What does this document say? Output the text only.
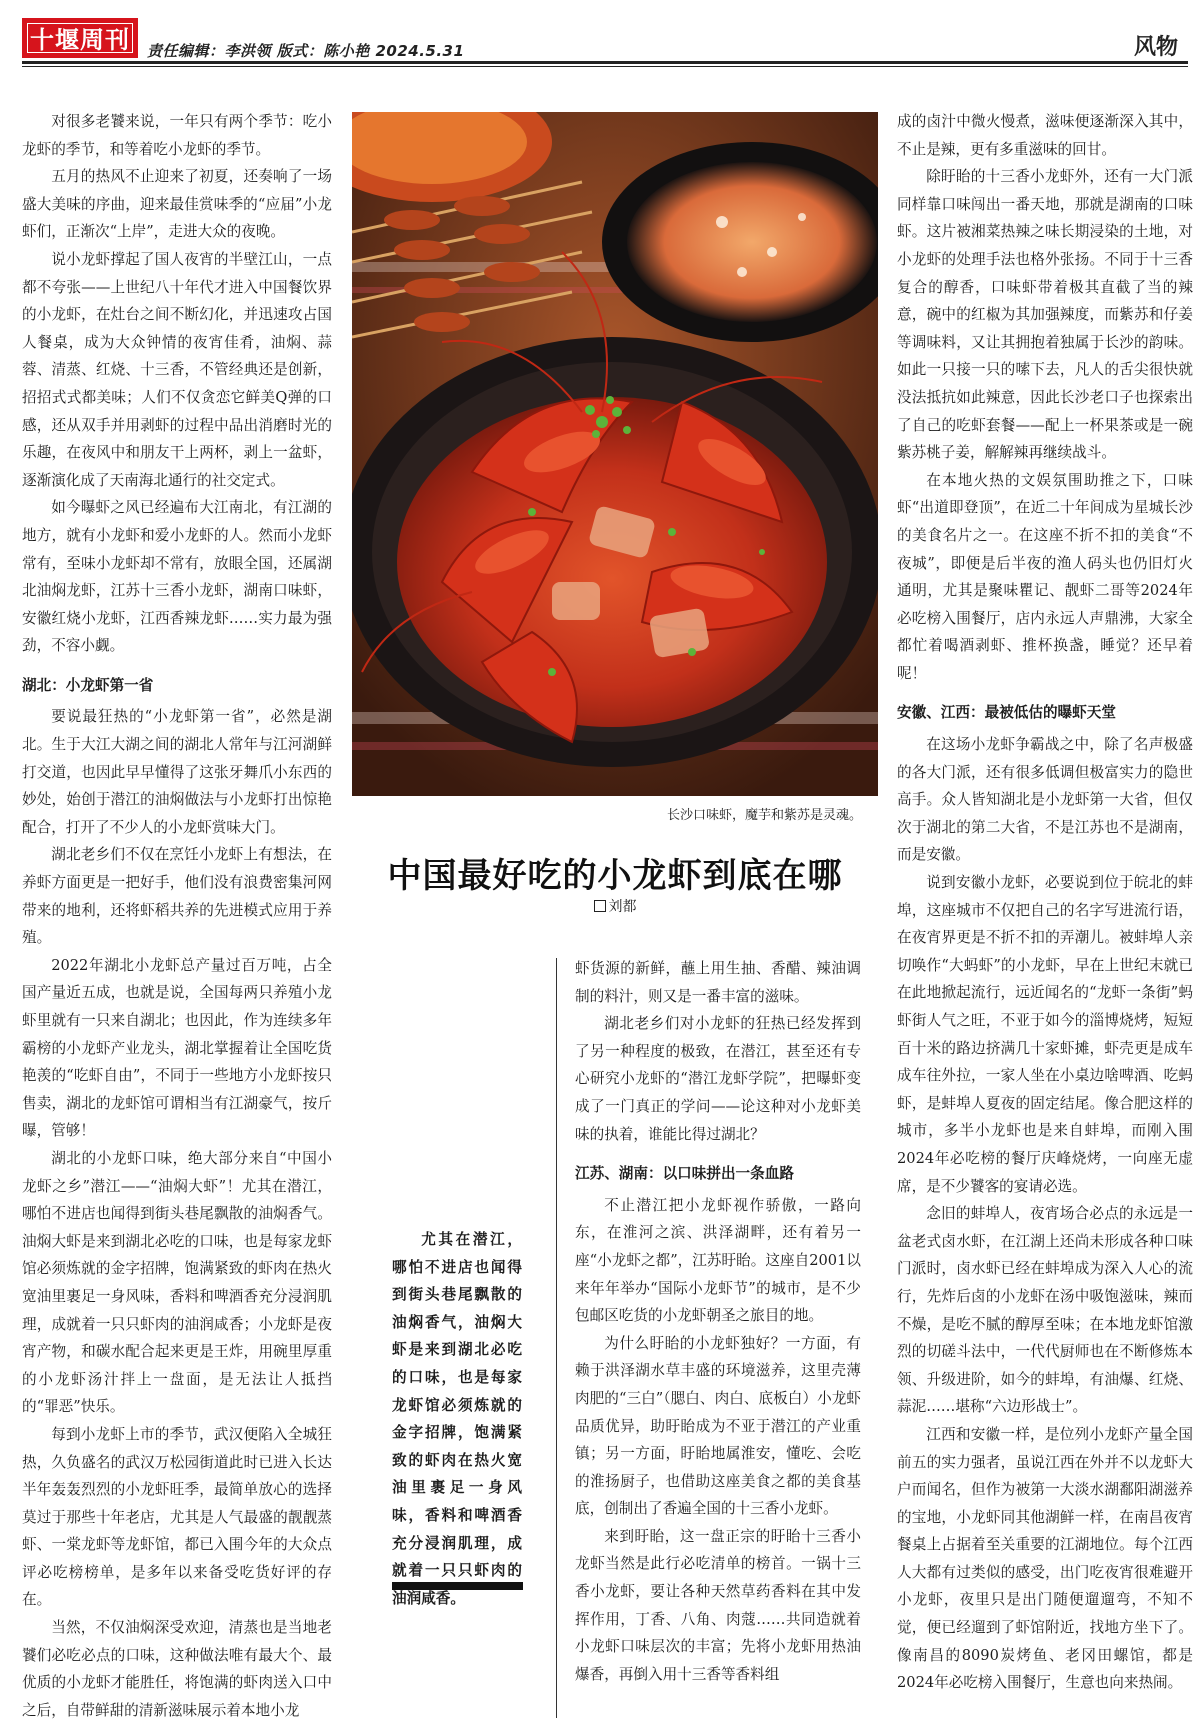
十堰周刊	责任编辑：李洪领 版式：陈小艳 2024.5.31	风物

对很多老饕来说，一年只有两个季节：吃小龙虾的季节，和等着吃小龙虾的季节。

五月的热风不止迎来了初夏，还奏响了一场盛大美味的序曲，迎来最佳赏味季的“应届”小龙虾们，正渐次“上岸”，走进大众的夜晚。

说小龙虾撑起了国人夜宵的半壁江山，一点都不夸张——上世纪八十年代才进入中国餐饮界的小龙虾，在灶台之间不断幻化，并迅速攻占国人餐桌，成为大众钟情的夜宵佳肴，油焖、蒜蓉、清蒸、红烧、十三香，不管经典还是创新，招招式式都美味；人们不仅贪恋它鲜美Q弹的口感，还从双手并用剥虾的过程中品出消磨时光的乐趣，在夜风中和朋友干上两杯，剥上一盆虾，逐渐演化成了天南海北通行的社交定式。

如今曝虾之风已经遍布大江南北，有江湖的地方，就有小龙虾和爱小龙虾的人。然而小龙虾常有，至味小龙虾却不常有，放眼全国，还属湖北油焖龙虾，江苏十三香小龙虾，湖南口味虾，安徽红烧小龙虾，江西香辣龙虾……实力最为强劲，不容小觑。

湖北：小龙虾第一省

要说最狂热的“小龙虾第一省”，必然是湖北。生于大江大湖之间的湖北人常年与江河湖鲜打交道，也因此早早懂得了这张牙舞爪小东西的妙处，始创于潜江的油焖做法与小龙虾打出惊艳配合，打开了不少人的小龙虾赏味大门。

湖北老乡们不仅在烹饪小龙虾上有想法，在养虾方面更是一把好手，他们没有浪费密集河网带来的地利，还将虾稻共养的先进模式应用于养殖。

2022年湖北小龙虾总产量过百万吨，占全国产量近五成，也就是说，全国每两只养殖小龙虾里就有一只来自湖北；也因此，作为连续多年霸榜的小龙虾产业龙头，湖北掌握着让全国吃货艳羡的“吃虾自由”，不同于一些地方小龙虾按只售卖，湖北的龙虾馆可谓相当有江湖豪气，按斤曝，管够！

湖北的小龙虾口味，绝大部分来自“中国小龙虾之乡”潜江——“油焖大虾”！尤其在潜江，哪怕不进店也闻得到街头巷尾飘散的油焖香气。油焖大虾是来到湖北必吃的口味，也是每家龙虾馆必须炼就的金字招牌，饱满紧致的虾肉在热火宽油里裹足一身风味，香料和啤酒香充分浸润肌理，成就着一只只虾肉的油润咸香；小龙虾是夜宵产物，和碳水配合起来更是王炸，用碗里厚重的小龙虾汤汁拌上一盘面，是无法让人抵挡的“罪恶”快乐。

每到小龙虾上市的季节，武汉便陷入全城狂热，久负盛名的武汉万松园街道此时已进入长达半年轰轰烈烈的小龙虾旺季，最简单放心的选择莫过于那些十年老店，尤其是人气最盛的靓靓蒸虾、一棠龙虾等龙虾馆，都已入围今年的大众点评必吃榜榜单，是多年以来备受吃货好评的存在。

当然，不仅油焖深受欢迎，清蒸也是当地老饕们必吃必点的口味，这种做法唯有最大个、最优质的小龙虾才能胜任，将饱满的虾肉送入口中之后，自带鲜甜的清新滋味展示着本地小龙

长沙口味虾，魔芋和紫苏是灵魂。
中国最好吃的小龙虾到底在哪
刘都
尤其在潜江，哪怕不进店也闻得到街头巷尾飘散的油焖香气，油焖大虾是来到湖北必吃的口味，也是每家龙虾馆必须炼就的金字招牌，饱满紧致的虾肉在热火宽油里裹足一身风味，香料和啤酒香充分浸润肌理，成就着一只只虾肉的油润咸香。

虾货源的新鲜，蘸上用生抽、香醋、辣油调制的料汁，则又是一番丰富的滋味。

湖北老乡们对小龙虾的狂热已经发挥到了另一种程度的极致，在潜江，甚至还有专心研究小龙虾的“潜江龙虾学院”，把曝虾变成了一门真正的学问——论这种对小龙虾美味的执着，谁能比得过湖北？

江苏、湖南：以口味拼出一条血路

不止潜江把小龙虾视作骄傲，一路向东，在淮河之滨、洪泽湖畔，还有着另一座“小龙虾之都”，江苏盱眙。这座自2001以来年年举办“国际小龙虾节”的城市，是不少包邮区吃货的小龙虾朝圣之旅目的地。

为什么盱眙的小龙虾独好？一方面，有赖于洪泽湖水草丰盛的环境滋养，这里壳薄肉肥的“三白”（腮白、肉白、底板白）小龙虾品质优异，助盱眙成为不亚于潜江的产业重镇；另一方面，盱眙地属淮安，懂吃、会吃的淮扬厨子，也借助这座美食之都的美食基底，创制出了香遍全国的十三香小龙虾。

来到盱眙，这一盘正宗的盱眙十三香小龙虾当然是此行必吃清单的榜首。一锅十三香小龙虾，要让各种天然草药香料在其中发挥作用，丁香、八角、肉蔻……共同造就着小龙虾口味层次的丰富；先将小龙虾用热油爆香，再倒入用十三香等香料组

成的卤汁中微火慢煮，滋味便逐渐深入其中，不止是辣，更有多重滋味的回甘。

除盱眙的十三香小龙虾外，还有一大门派同样靠口味闯出一番天地，那就是湖南的口味虾。这片被湘菜热辣之味长期浸染的土地，对小龙虾的处理手法也格外张扬。不同于十三香复合的醇香，口味虾带着极其直截了当的辣意，碗中的红椒为其加强辣度，而紫苏和仔姜等调味料，又让其拥抱着独属于长沙的韵味。如此一只接一只的嗦下去，凡人的舌尖很快就没法抵抗如此辣意，因此长沙老口子也探索出了自己的吃虾套餐——配上一杯果茶或是一碗紫苏桃子姜，解解辣再继续战斗。

在本地火热的文娱氛围助推之下，口味虾“出道即登顶”，在近二十年间成为星城长沙的美食名片之一。在这座不折不扣的美食“不夜城”，即便是后半夜的渔人码头也仍旧灯火通明，尤其是聚味瞿记、靓虾二哥等2024年必吃榜入围餐厅，店内永远人声鼎沸，大家全都忙着喝酒剥虾、推杯换盏，睡觉？还早着呢！

安徽、江西：最被低估的曝虾天堂

在这场小龙虾争霸战之中，除了名声极盛的各大门派，还有很多低调但极富实力的隐世高手。众人皆知湖北是小龙虾第一大省，但仅次于湖北的第二大省，不是江苏也不是湖南，而是安徽。

说到安徽小龙虾，必要说到位于皖北的蚌埠，这座城市不仅把自己的名字写进流行语，在夜宵界更是不折不扣的弄潮儿。被蚌埠人亲切唤作“大蚂虾”的小龙虾，早在上世纪末就已在此地掀起流行，远近闻名的“龙虾一条街”蚂虾街人气之旺，不亚于如今的淄博烧烤，短短百十米的路边挤满几十家虾摊，虾壳更是成车成车往外拉，一家人坐在小桌边啥啤酒、吃蚂虾，是蚌埠人夏夜的固定结尾。像合肥这样的城市，多半小龙虾也是来自蚌埠，而刚入围2024年必吃榜的餐厅庆峰烧烤，一向座无虚席，是不少饕客的宴请必选。

念旧的蚌埠人，夜宵场合必点的永远是一盆老式卤水虾，在江湖上还尚未形成各种口味门派时，卤水虾已经在蚌埠成为深入人心的流行，先炸后卤的小龙虾在汤中吸饱滋味，辣而不燥，是吃不腻的醇厚至味；在本地龙虾馆激烈的切磋斗法中，一代代厨师也在不断修炼本领、升级进阶，如今的蚌埠，有油爆、红烧、蒜泥……堪称“六边形战士”。

江西和安徽一样，是位列小龙虾产量全国前五的实力强者，虽说江西在外并不以龙虾大户而闻名，但作为被第一大淡水湖鄱阳湖滋养的宝地，小龙虾同其他湖鲜一样，在南昌夜宵餐桌上占据着至关重要的江湖地位。每个江西人大都有过类似的感受，出门吃夜宵很难避开小龙虾，夜里只是出门随便遛遛弯，不知不觉，便已经遛到了虾馆附近，找地方坐下了。像南昌的8090炭烤鱼、老冈田螺馆，都是2024年必吃榜入围餐厅，生意也向来热闹。
